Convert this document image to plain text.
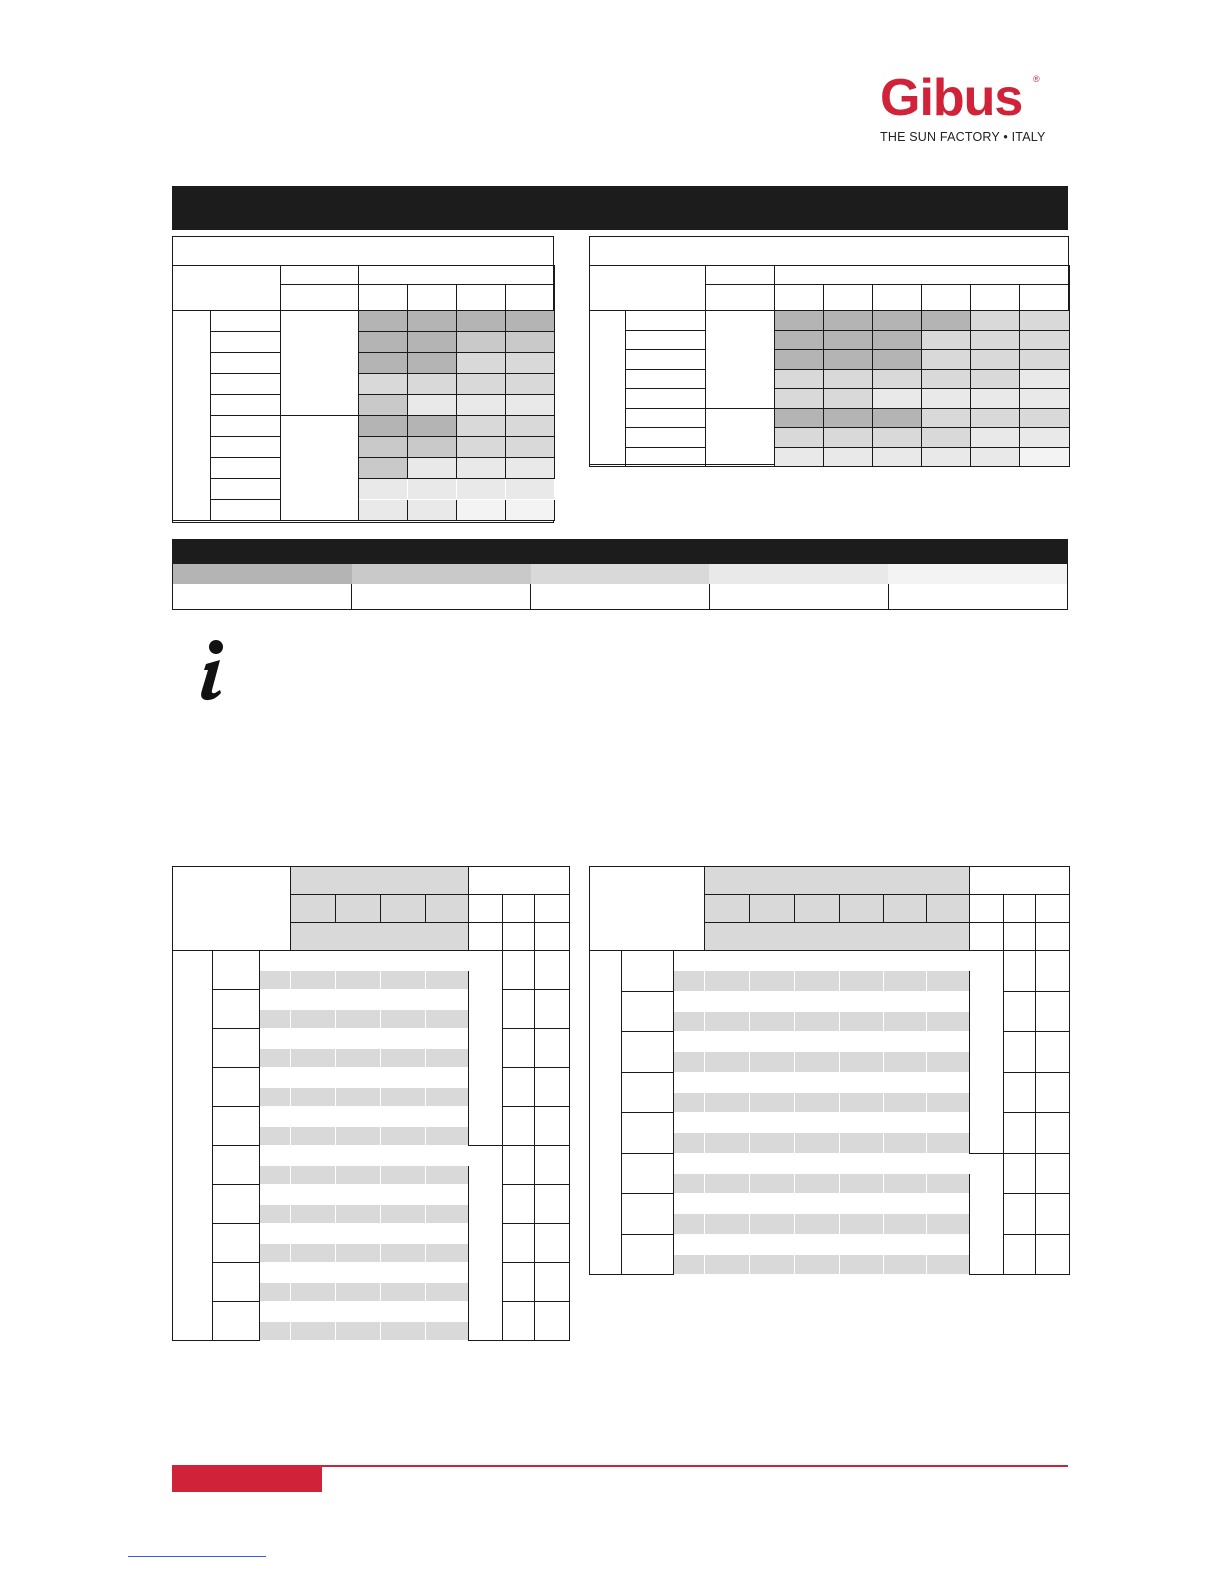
Gibus	®
THE SUN FACTORY • ITALY
